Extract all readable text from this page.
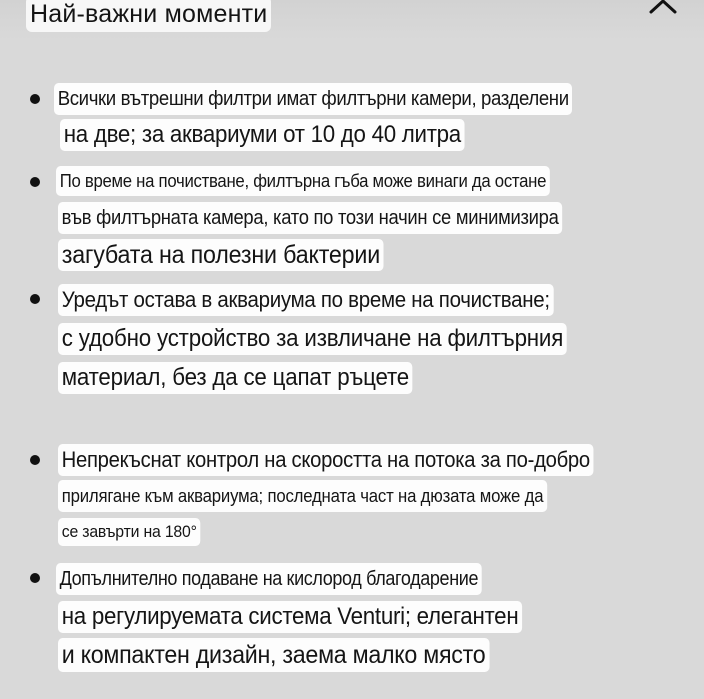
Най-важни моменти
Всички вътрешни филтри имат филтърни камери, разделени
на две; за аквариуми от 10 до 40 литра
По време на почистване, филтърна гъба може винаги да остане
във филтърната камера, като по този начин се минимизира
загубата на полезни бактерии
Уредът остава в аквариума по време на почистване;
с удобно устройство за извличане на филтърния
материал, без да се цапат ръцете
Непрекъснат контрол на скоростта на потока за по-добро
прилягане към аквариума; последната част на дюзата може да
се завърти на 180°
Допълнително подаване на кислород благодарение
на регулируемата система Venturi; елегантен
и компактен дизайн, заема малко място
